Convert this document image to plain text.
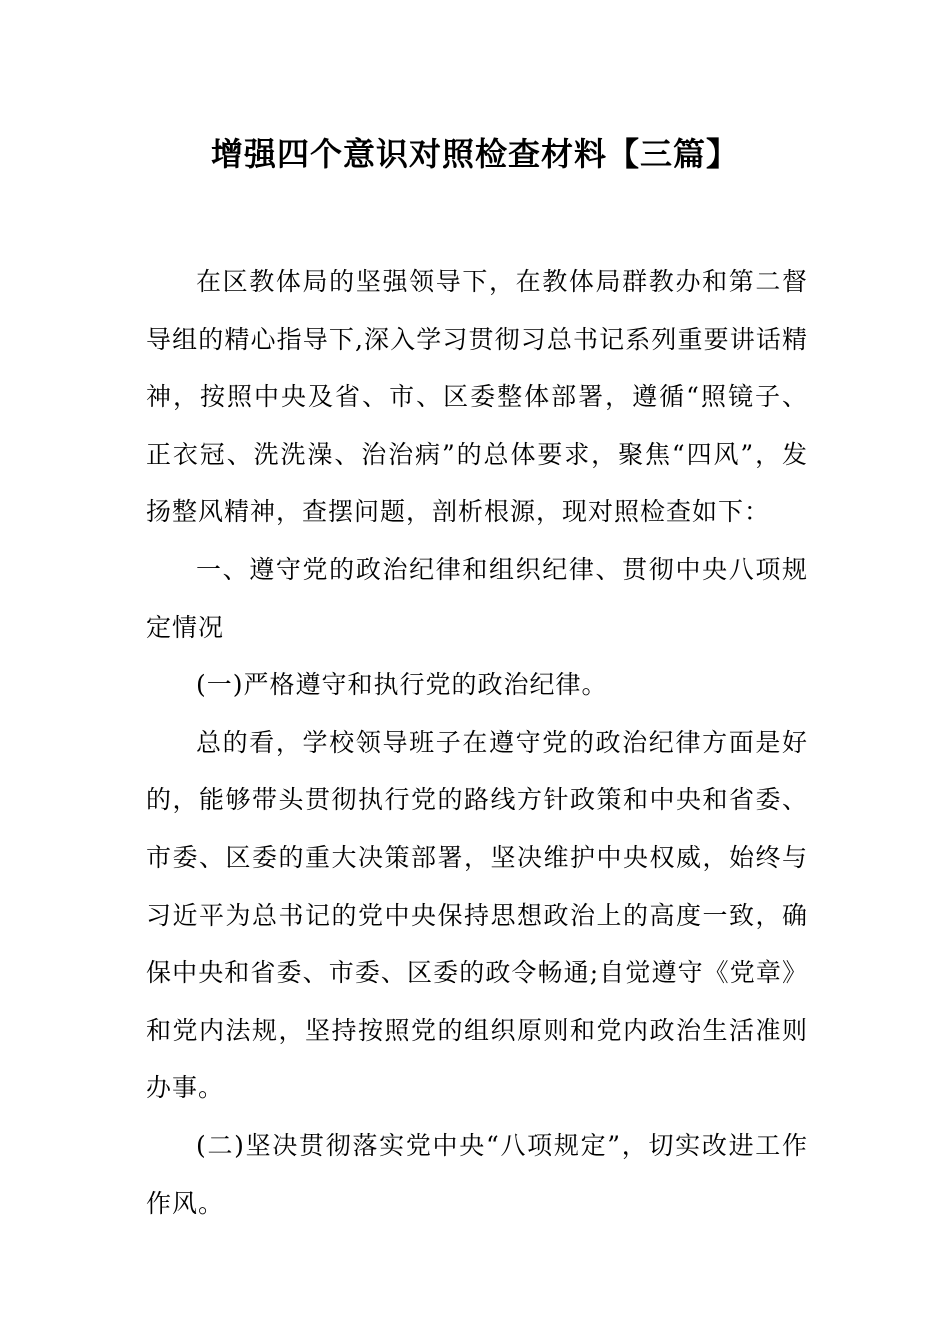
增强四个意识对照检查材料【三篇】

在区教体局的坚强领导下，在教体局群教办和第二督导组的精心指导下,深入学习贯彻习总书记系列重要讲话精神，按照中央及省、市、区委整体部署，遵循“照镜子、正衣冠、洗洗澡、治治病”的总体要求，聚焦“四风”，发扬整风精神，查摆问题，剖析根源，现对照检查如下：

一、遵守党的政治纪律和组织纪律、贯彻中央八项规定情况

(一)严格遵守和执行党的政治纪律。

总的看，学校领导班子在遵守党的政治纪律方面是好的，能够带头贯彻执行党的路线方针政策和中央和省委、市委、区委的重大决策部署，坚决维护中央权威，始终与习近平为总书记的党中央保持思想政治上的高度一致，确保中央和省委、市委、区委的政令畅通;自觉遵守《党章》和党内法规，坚持按照党的组织原则和党内政治生活准则办事。

(二)坚决贯彻落实党中央“八项规定”，切实改进工作作风。
